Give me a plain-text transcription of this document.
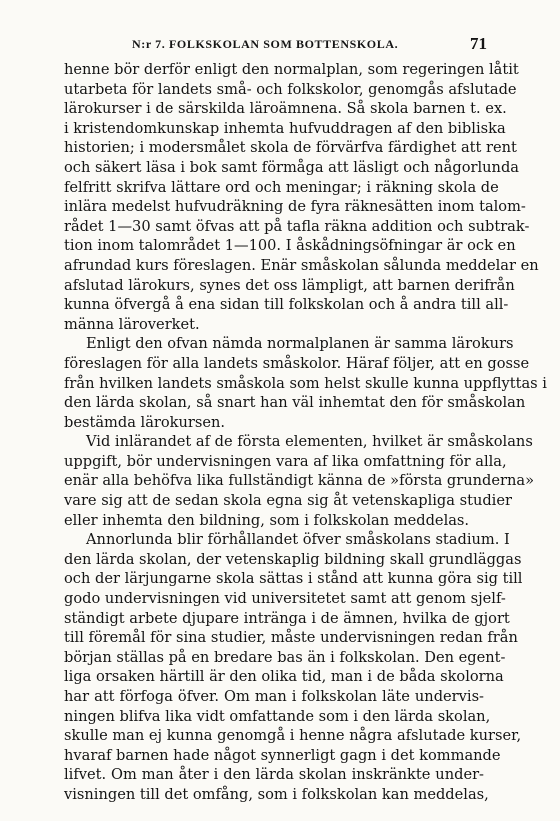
N:r 7. FOLKSKOLAN SOM BOTTENSKOLA.	71
henne bör derför enligt den normalplan, som regeringen låtit
utarbeta för landets små- och folkskolor, genomgås afslutade
lärokurser i de särskilda läroämnena. Så skola barnen t. ex.
i kristendomkunskap inhemta hufvuddragen af den bibliska
historien; i modersmålet skola de förvärfva färdighet att rent
och säkert läsa i bok samt förmåga att läsligt och någorlunda
felfritt skrifva lättare ord och meningar; i räkning skola de
inlära medelst hufvudräkning de fyra räknesätten inom talom-
rådet 1—30 samt öfvas att på tafla räkna addition och subtrak-
tion inom talområdet 1—100. I åskådningsöfningar är ock en
afrundad kurs föreslagen. Enär småskolan sålunda meddelar en
afslutad lärokurs, synes det oss lämpligt, att barnen derifrån
kunna öfvergå å ena sidan till folkskolan och å andra till all-
männa läroverket.
Enligt den ofvan nämda normalplanen är samma lärokurs
föreslagen för alla landets småskolor. Häraf följer, att en gosse
från hvilken landets småskola som helst skulle kunna uppflyttas i
den lärda skolan, så snart han väl inhemtat den för småskolan
bestämda lärokursen.
Vid inlärandet af de första elementen, hvilket är småskolans
uppgift, bör undervisningen vara af lika omfattning för alla,
enär alla behöfva lika fullständigt känna de »första grunderna»
vare sig att de sedan skola egna sig åt vetenskapliga studier
eller inhemta den bildning, som i folkskolan meddelas.
Annorlunda blir förhållandet öfver småskolans stadium. I
den lärda skolan, der vetenskaplig bildning skall grundläggas
och der lärjungarne skola sättas i stånd att kunna göra sig till
godo undervisningen vid universitetet samt att genom sjelf-
ständigt arbete djupare intränga i de ämnen, hvilka de gjort
till föremål för sina studier, måste undervisningen redan från
början ställas på en bredare bas än i folkskolan. Den egent-
liga orsaken härtill är den olika tid, man i de båda skolorna
har att förfoga öfver. Om man i folkskolan läte undervis-
ningen blifva lika vidt omfattande som i den lärda skolan,
skulle man ej kunna genomgå i henne några afslutade kurser,
hvaraf barnen hade något synnerligt gagn i det kommande
lifvet. Om man åter i den lärda skolan inskränkte under-
visningen till det omfång, som i folkskolan kan meddelas,
